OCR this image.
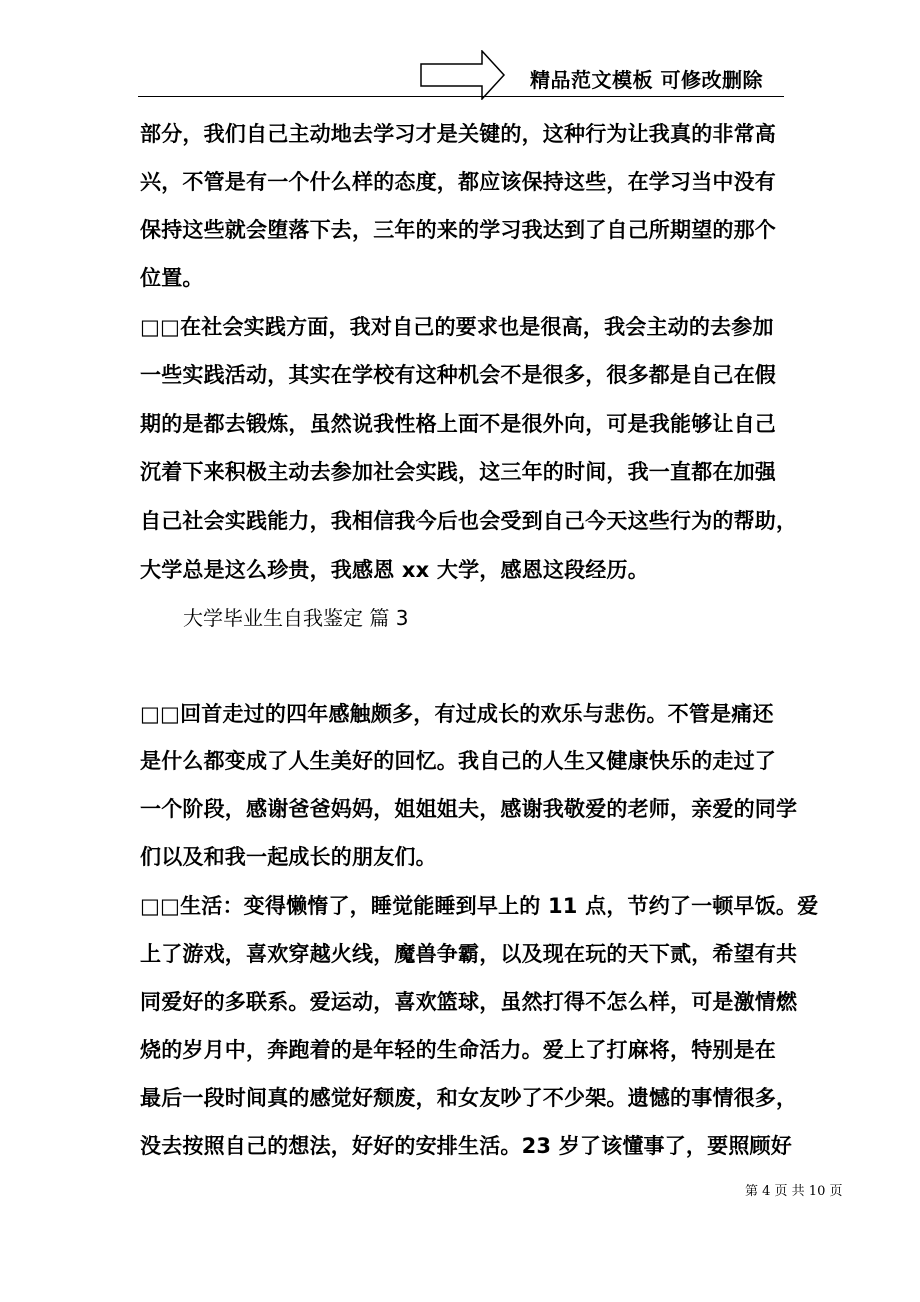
精品范文模板 可修改删除
部分，我们自己主动地去学习才是关键的，这种行为让我真的非常高
兴，不管是有一个什么样的态度，都应该保持这些，在学习当中没有
保持这些就会堕落下去，三年的来的学习我达到了自己所期望的那个
位置。
□□在社会实践方面，我对自己的要求也是很高，我会主动的去参加
一些实践活动，其实在学校有这种机会不是很多，很多都是自己在假
期的是都去锻炼，虽然说我性格上面不是很外向，可是我能够让自己
沉着下来积极主动去参加社会实践，这三年的时间，我一直都在加强
自己社会实践能力，我相信我今后也会受到自己今天这些行为的帮助，
大学总是这么珍贵，我感恩 xx 大学，感恩这段经历。
大学毕业生自我鉴定 篇 3
□□回首走过的四年感触颇多，有过成长的欢乐与悲伤。不管是痛还
是什么都变成了人生美好的回忆。我自己的人生又健康快乐的走过了
一个阶段，感谢爸爸妈妈，姐姐姐夫，感谢我敬爱的老师，亲爱的同学
们以及和我一起成长的朋友们。
□□生活：变得懒惰了，睡觉能睡到早上的 11 点，节约了一顿早饭。爱
上了游戏，喜欢穿越火线，魔兽争霸，以及现在玩的天下贰，希望有共
同爱好的多联系。爱运动，喜欢篮球，虽然打得不怎么样，可是激情燃
烧的岁月中，奔跑着的是年轻的生命活力。爱上了打麻将，特别是在
最后一段时间真的感觉好颓废，和女友吵了不少架。遗憾的事情很多，
没去按照自己的想法，好好的安排生活。23 岁了该懂事了，要照顾好
第 4 页 共 10 页
